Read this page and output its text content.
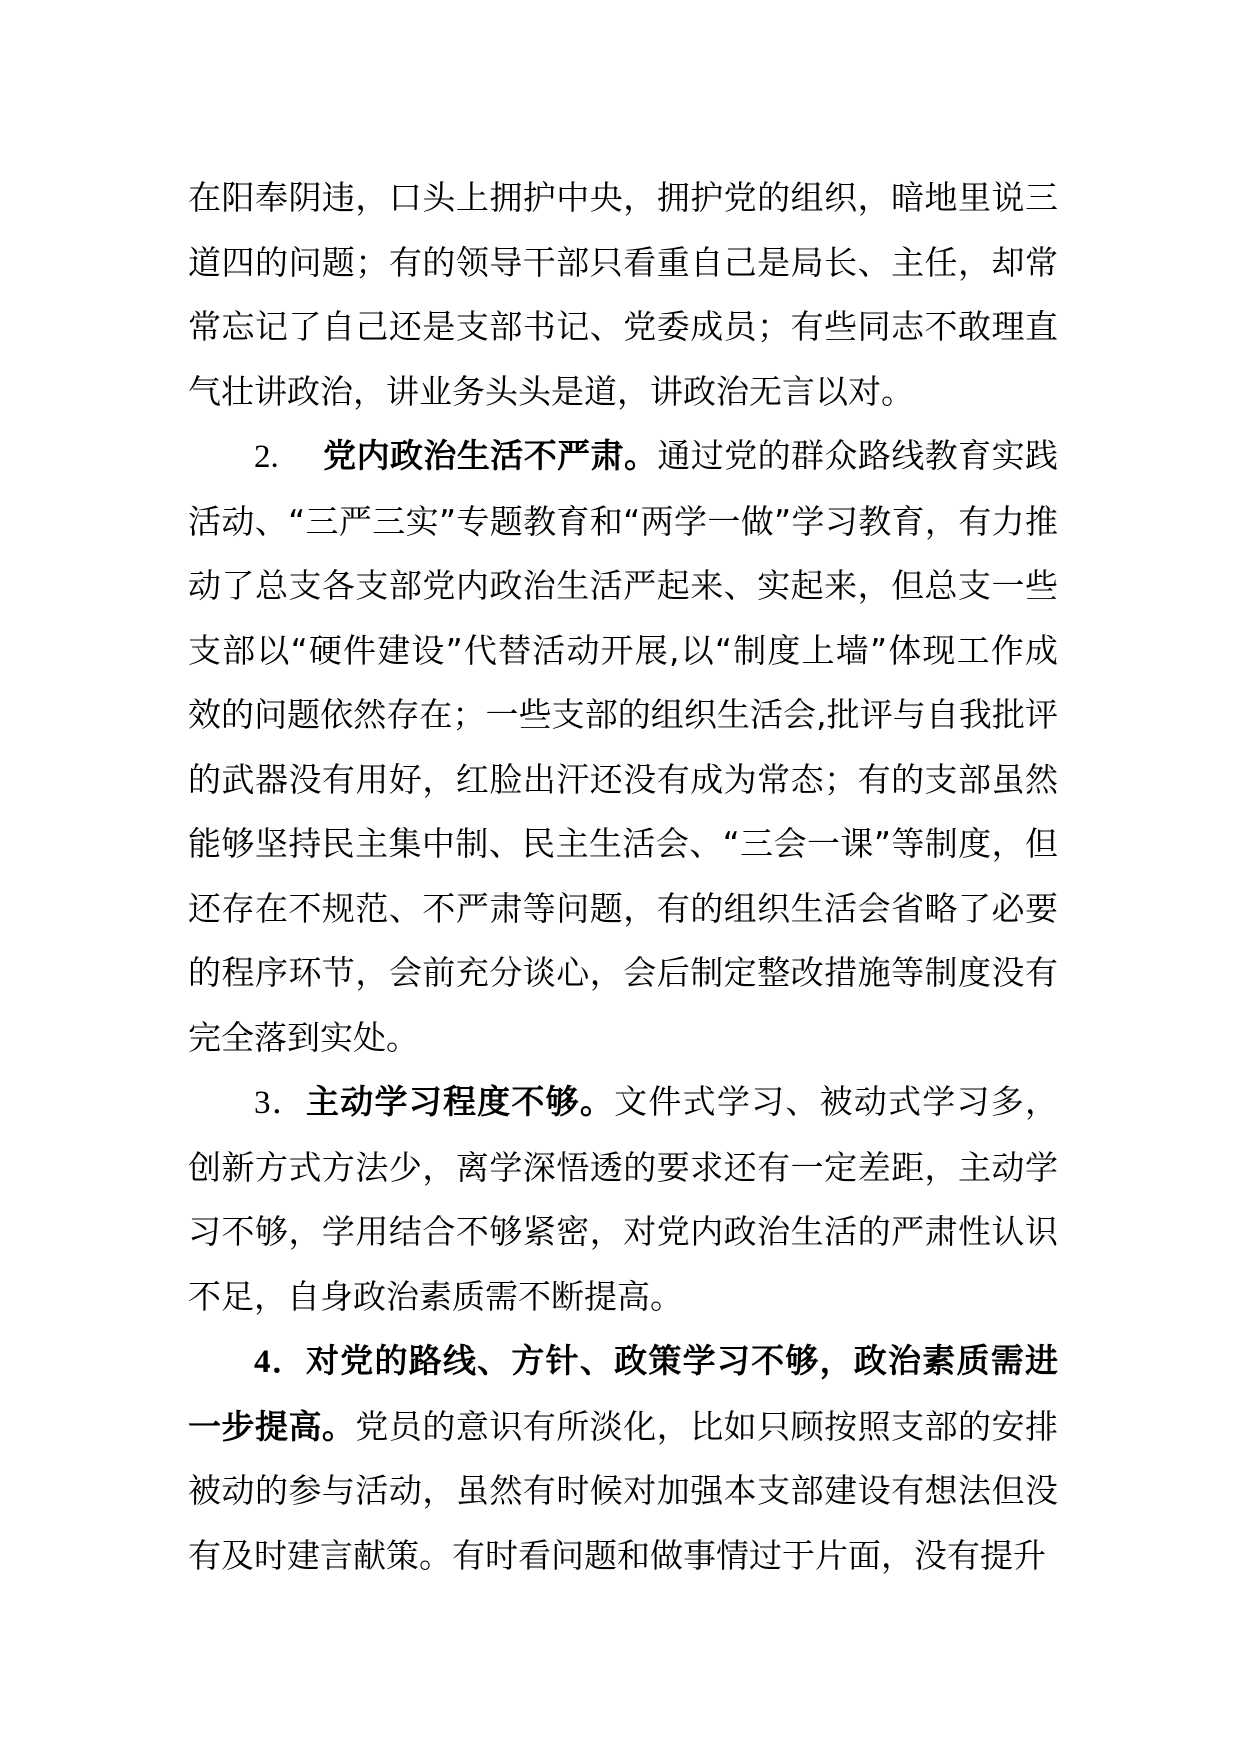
在阳奉阴违，口头上拥护中央，拥护党的组织，暗地里说三道四的问题；有的领导干部只看重自己是局长、主任，却常常忘记了自己还是支部书记、党委成员；有些同志不敢理直气壮讲政治，讲业务头头是道，讲政治无言以对。

2. 党内政治生活不严肃。通过党的群众路线教育实践活动、“三严三实”专题教育和“两学一做”学习教育，有力推动了总支各支部党内政治生活严起来、实起来，但总支一些支部以“硬件建设”代替活动开展,以“制度上墙”体现工作成效的问题依然存在；一些支部的组织生活会,批评与自我批评的武器没有用好，红脸出汗还没有成为常态；有的支部虽然能够坚持民主集中制、民主生活会、“三会一课”等制度，但还存在不规范、不严肃等问题，有的组织生活会省略了必要的程序环节，会前充分谈心，会后制定整改措施等制度没有完全落到实处。

3．主动学习程度不够。文件式学习、被动式学习多，创新方式方法少，离学深悟透的要求还有一定差距，主动学习不够，学用结合不够紧密，对党内政治生活的严肃性认识不足，自身政治素质需不断提高。

4．对党的路线、方针、政策学习不够，政治素质需进一步提高。党员的意识有所淡化，比如只顾按照支部的安排被动的参与活动，虽然有时候对加强本支部建设有想法但没有及时建言献策。有时看问题和做事情过于片面，没有提升
